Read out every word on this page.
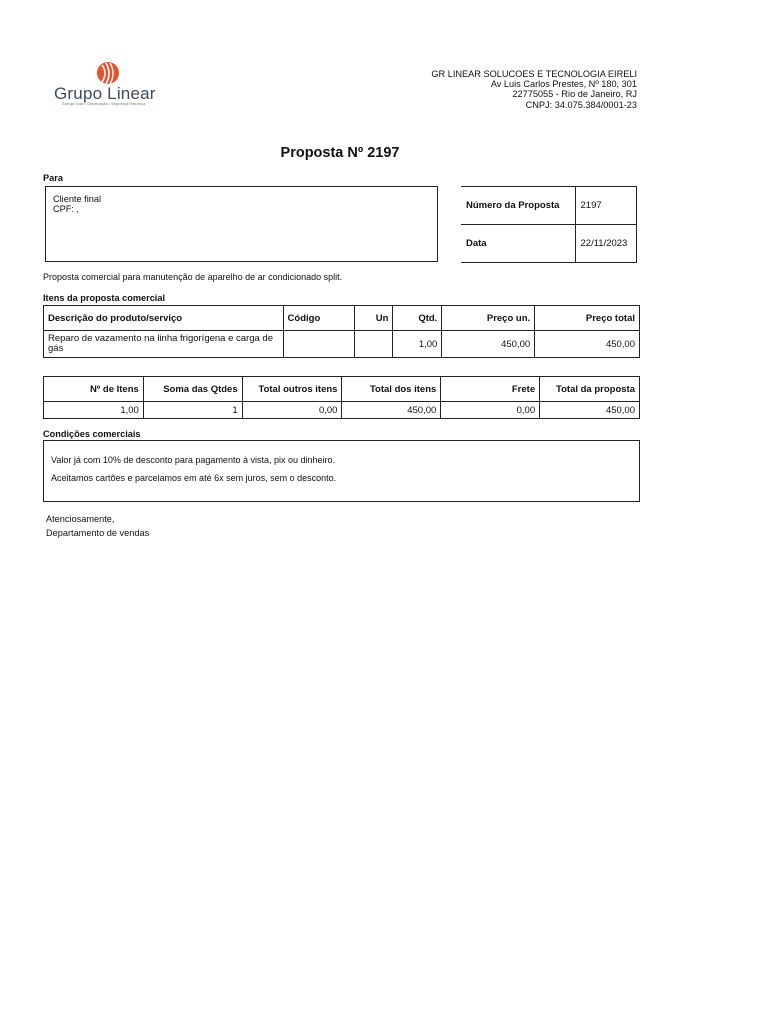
Grupo Linear
Energia Solar • Climatização • Segurança Eletrônica
GR LINEAR SOLUCOES E TECNOLOGIA EIRELI
Av Luis Carlos Prestes, Nº 180, 301
22775055 - Rio de Janeiro, RJ
CNPJ: 34.075.384/0001-23
Proposta Nº 2197
Para
Cliente final
CPF: ,	Número da Proposta	2197
Data	22/11/2023
Proposta comercial para manutenção de aparelho de ar condicionado split.
Itens da proposta comercial
Descrição do produto/serviço	Código	Un	Qtd.	Preço un.	Preço total
Reparo de vazamento na linha frigorígena e carga de gás			1,00	450,00	450,00
Nº de Itens	Soma das Qtdes	Total outros itens	Total dos itens	Frete	Total da proposta
1,00	1	0,00	450,00	0,00	450,00
Condições comerciais

Valor já com 10% de desconto para pagamento à vista, pix ou dinheiro.

Aceitamos cartões e parcelamos em até 6x sem juros, sem o desconto.

Atenciosamente,
Departamento de vendas
